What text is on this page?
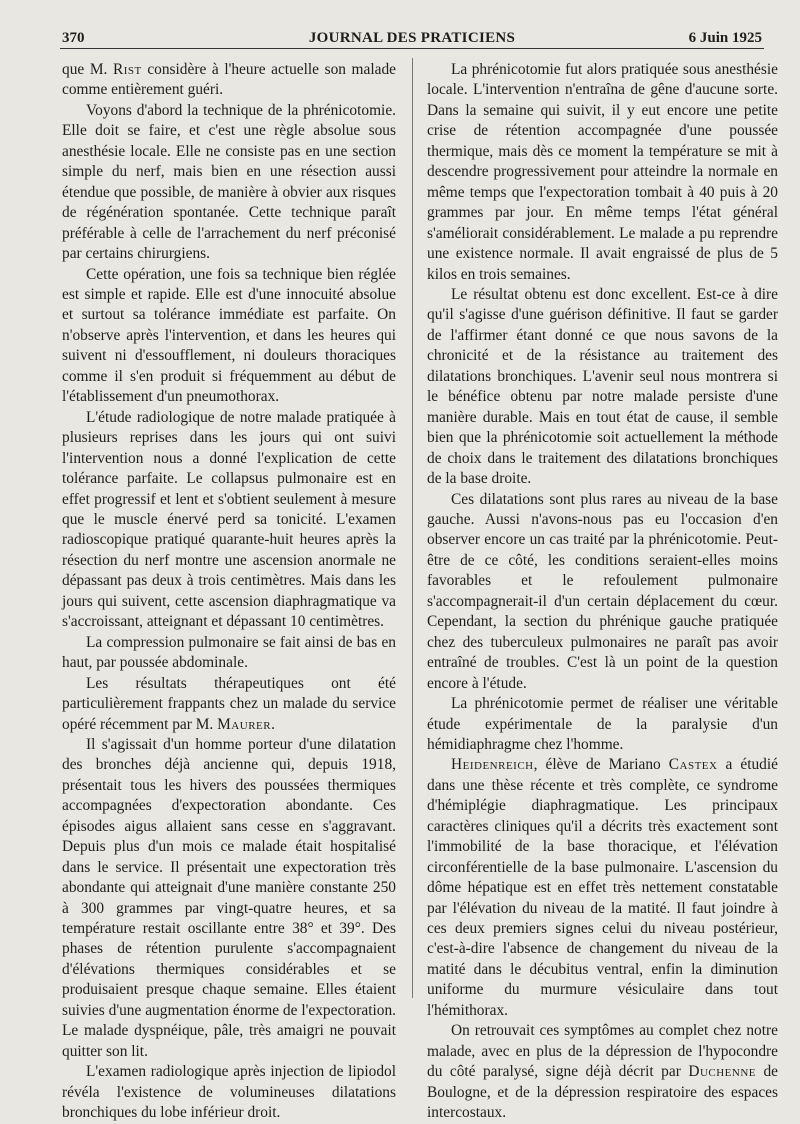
370	JOURNAL DES PRATICIENS	6 Juin 1925

que M. Rist considère à l'heure actuelle son malade comme entièrement guéri.

Voyons d'abord la technique de la phrénicotomie. Elle doit se faire, et c'est une règle absolue sous anesthésie locale. Elle ne consiste pas en une section simple du nerf, mais bien en une résection aussi étendue que possible, de manière à obvier aux risques de régénération spontanée. Cette technique paraît préférable à celle de l'arrachement du nerf préconisé par certains chirurgiens.

Cette opération, une fois sa technique bien réglée est simple et rapide. Elle est d'une innocuité absolue et surtout sa tolérance immédiate est parfaite. On n'observe après l'intervention, et dans les heures qui suivent ni d'essoufflement, ni douleurs thoraciques comme il s'en produit si fréquemment au début de l'établissement d'un pneumothorax.

L'étude radiologique de notre malade pratiquée à plusieurs reprises dans les jours qui ont suivi l'intervention nous a donné l'explication de cette tolérance parfaite. Le collapsus pulmonaire est en effet progressif et lent et s'obtient seulement à mesure que le muscle énervé perd sa tonicité. L'examen radioscopique pratiqué quarante-huit heures après la résection du nerf montre une ascension anormale ne dépassant pas deux à trois centimètres. Mais dans les jours qui suivent, cette ascension diaphragmatique va s'accroissant, atteignant et dépassant 10 centimètres.

La compression pulmonaire se fait ainsi de bas en haut, par poussée abdominale.

Les résultats thérapeutiques ont été particulièrement frappants chez un malade du service opéré récemment par M. Maurer.

Il s'agissait d'un homme porteur d'une dilatation des bronches déjà ancienne qui, depuis 1918, présentait tous les hivers des poussées thermiques accompagnées d'expectoration abondante. Ces épisodes aigus allaient sans cesse en s'aggravant. Depuis plus d'un mois ce malade était hospitalisé dans le service. Il présentait une expectoration très abondante qui atteignait d'une manière constante 250 à 300 grammes par vingt-quatre heures, et sa température restait oscillante entre 38° et 39°. Des phases de rétention purulente s'accompagnaient d'élévations thermiques considérables et se produisaient presque chaque semaine. Elles étaient suivies d'une augmentation énorme de l'expectoration. Le malade dyspnéique, pâle, très amaigri ne pouvait quitter son lit.

L'examen radiologique après injection de lipiodol révéla l'existence de volumineuses dilatations bronchiques du lobe inférieur droit.

La phrénicotomie fut alors pratiquée sous anesthésie locale. L'intervention n'entraîna de gêne d'aucune sorte. Dans la semaine qui suivit, il y eut encore une petite crise de rétention accompagnée d'une poussée thermique, mais dès ce moment la température se mit à descendre progressivement pour atteindre la normale en même temps que l'expectoration tombait à 40 puis à 20 grammes par jour. En même temps l'état général s'améliorait considérablement. Le malade a pu reprendre une existence normale. Il avait engraissé de plus de 5 kilos en trois semaines.

Le résultat obtenu est donc excellent. Est-ce à dire qu'il s'agisse d'une guérison définitive. Il faut se garder de l'affirmer étant donné ce que nous savons de la chronicité et de la résistance au traitement des dilatations bronchiques. L'avenir seul nous montrera si le bénéfice obtenu par notre malade persiste d'une manière durable. Mais en tout état de cause, il semble bien que la phrénicotomie soit actuellement la méthode de choix dans le traitement des dilatations bronchiques de la base droite.

Ces dilatations sont plus rares au niveau de la base gauche. Aussi n'avons-nous pas eu l'occasion d'en observer encore un cas traité par la phrénicotomie. Peut-être de ce côté, les conditions seraient-elles moins favorables et le refoulement pulmonaire s'accompagnerait-il d'un certain déplacement du cœur. Cependant, la section du phrénique gauche pratiquée chez des tuberculeux pulmonaires ne paraît pas avoir entraîné de troubles. C'est là un point de la question encore à l'étude.

La phrénicotomie permet de réaliser une véritable étude expérimentale de la paralysie d'un hémidiaphragme chez l'homme.

Heidenreich, élève de Mariano Castex a étudié dans une thèse récente et très complète, ce syndrome d'hémiplégie diaphragmatique. Les principaux caractères cliniques qu'il a décrits très exactement sont l'immobilité de la base thoracique, et l'élévation circonférentielle de la base pulmonaire. L'ascension du dôme hépatique est en effet très nettement constatable par l'élévation du niveau de la matité. Il faut joindre à ces deux premiers signes celui du niveau postérieur, c'est-à-dire l'absence de changement du niveau de la matité dans le décubitus ventral, enfin la diminution uniforme du murmure vésiculaire dans tout l'hémithorax.

On retrouvait ces symptômes au complet chez notre malade, avec en plus de la dépression de l'hypocondre du côté paralysé, signe déjà décrit par Duchenne de Boulogne, et de la dépression respiratoire des espaces intercostaux.
